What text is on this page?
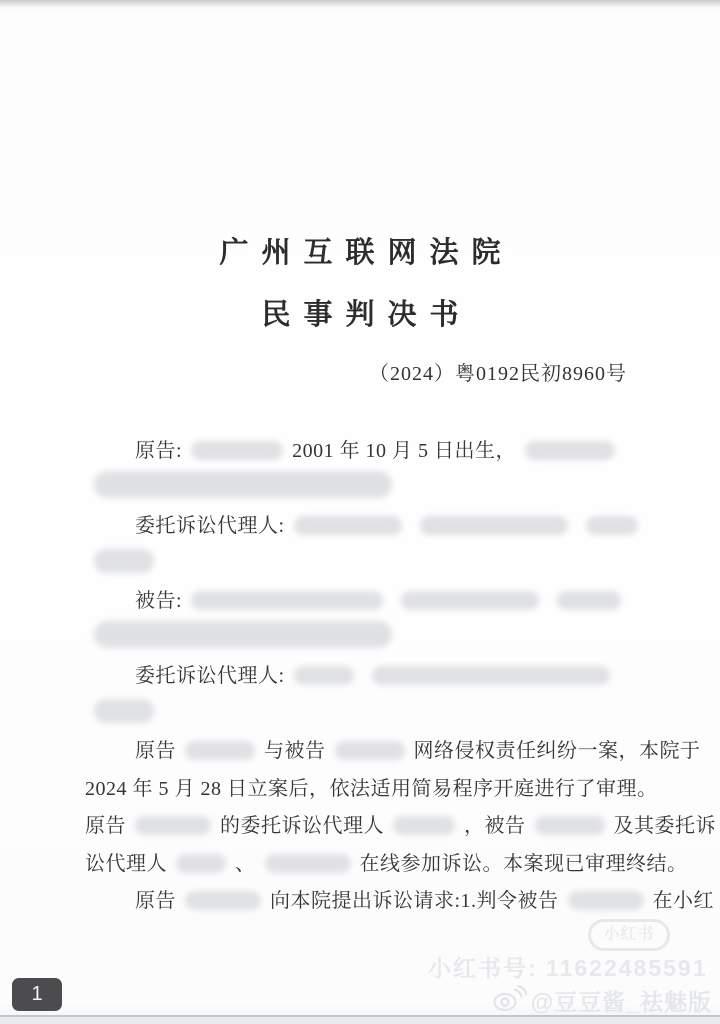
广州互联网法院
民事判决书
（2024）粤0192民初8960号
原告:	2001 年 10 月 5 日出生，
委托诉讼代理人:
被告:
委托诉讼代理人:
原告	与被告	网络侵权责任纠纷一案，本院于
2024 年 5 月 28 日立案后，依法适用简易程序开庭进行了审理。
原告	的委托诉讼代理人	，被告	及其委托诉
讼代理人	、	在线参加诉讼。本案现已审理终结。
原告	向本院提出诉讼请求:1.判令被告	在小红
小红书
小红书号: 11622485591
@豆豆酱_祛魅版
1
